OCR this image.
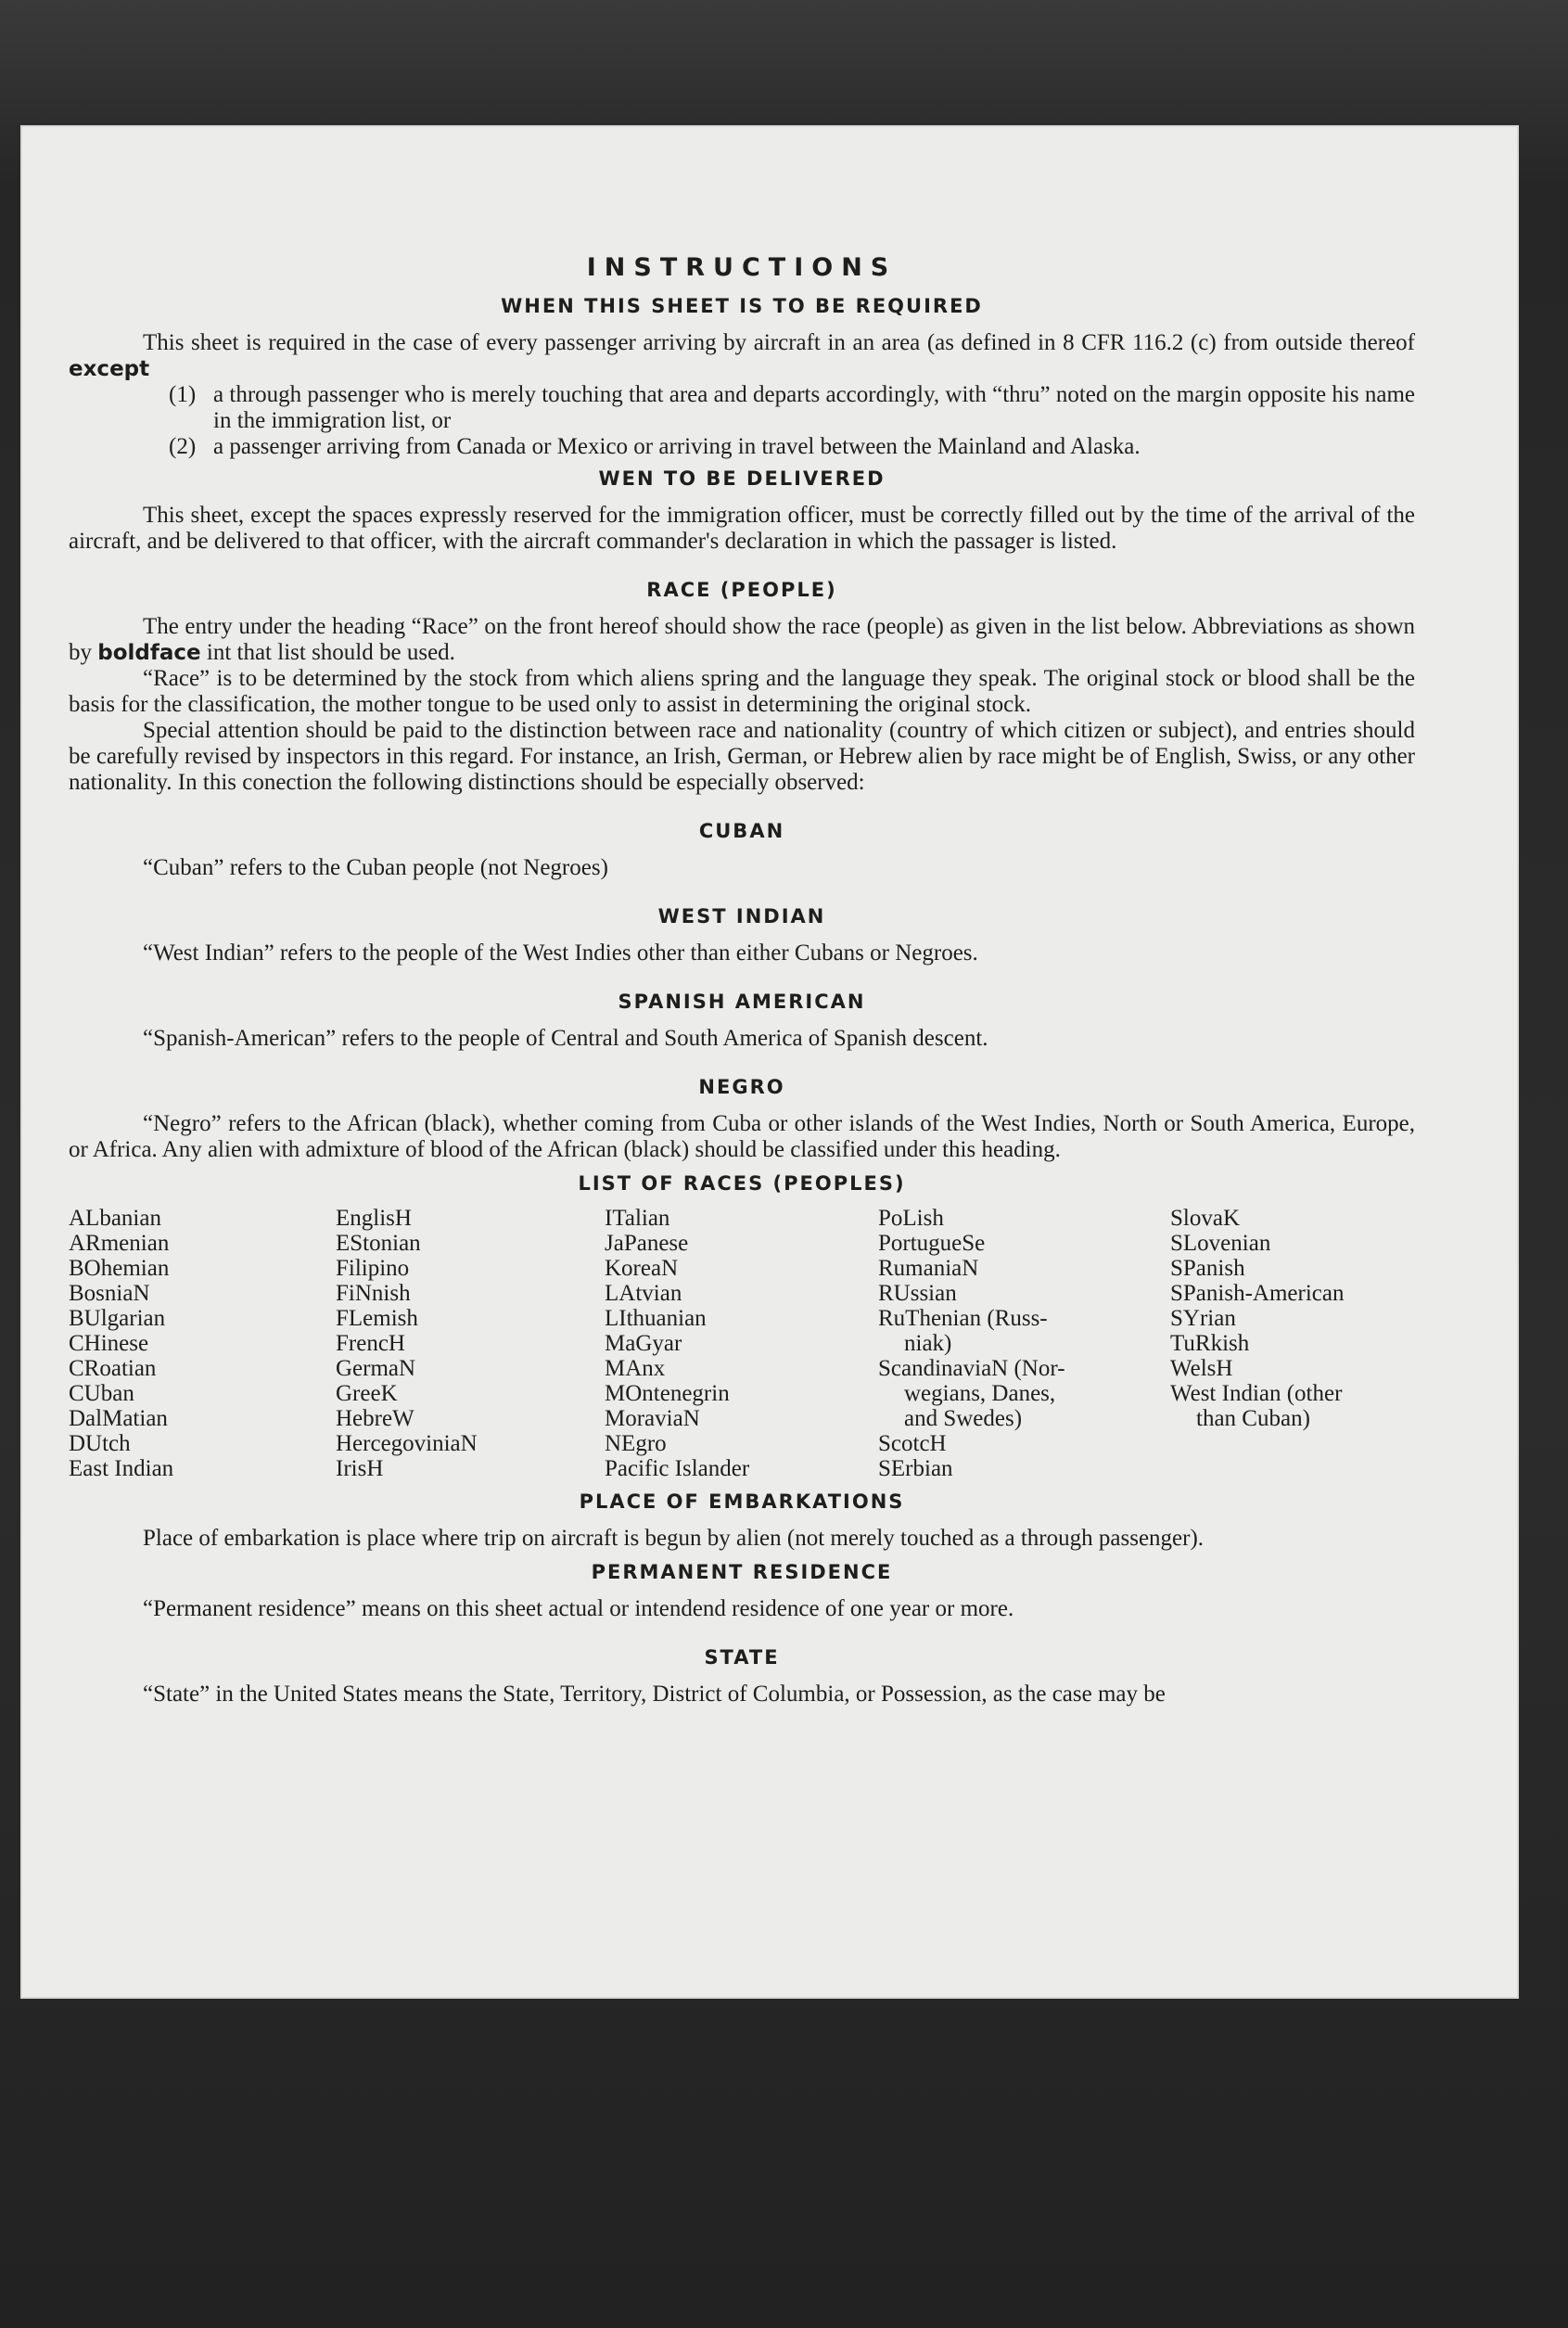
INSTRUCTIONS
WHEN THIS SHEET IS TO BE REQUIRED

This sheet is required in the case of every passenger arriving by aircraft in an area (as defined in 8 CFR 116.2 (c) from outside thereof except

(1) a through passenger who is merely touching that area and departs accordingly, with “thru” noted on the margin opposite his name in the immigration list, or
(2) a passenger arriving from Canada or Mexico or arriving in travel between the Mainland and Alaska.
WEN TO BE DELIVERED

This sheet, except the spaces expressly reserved for the immigration officer, must be correctly filled out by the time of the arrival of the aircraft, and be delivered to that officer, with the aircraft commander's declaration in which the passager is listed.

RACE (PEOPLE)

The entry under the heading “Race” on the front hereof should show the race (people) as given in the list below. Abbreviations as shown by boldface int that list should be used.

“Race” is to be determined by the stock from which aliens spring and the language they speak. The original stock or blood shall be the basis for the classification, the mother tongue to be used only to assist in determining the original stock.

Special attention should be paid to the distinction between race and nationality (country of which citizen or subject), and entries should be carefully revised by inspectors in this regard. For instance, an Irish, German, or Hebrew alien by race might be of English, Swiss, or any other nationality. In this conection the following distinctions should be especially observed:

CUBAN

“Cuban” refers to the Cuban people (not Negroes)

WEST INDIAN

“West Indian” refers to the people of the West Indies other than either Cubans or Negroes.

SPANISH AMERICAN

“Spanish-American” refers to the people of Central and South America of Spanish descent.

NEGRO

“Negro” refers to the African (black), whether coming from Cuba or other islands of the West Indies, North or South America, Europe, or Africa. Any alien with admixture of blood of the African (black) should be classified under this heading.

LIST OF RACES (PEOPLES)
ALbanian
ARmenian
BOhemian
BosniaN
BUlgarian
CHinese
CRoatian
CUban
DalMatian
DUtch
East Indian
EnglisH
EStonian
Filipino
FiNnish
FLemish
FrencH
GermaN
GreeK
HebreW
HercegoviniaN
IrisH
ITalian
JaPanese
KoreaN
LAtvian
LIthuanian
MaGyar
MAnx
MOntenegrin
MoraviaN
NEgro
Pacific Islander
PoLish
PortugueSe
RumaniaN
RUssian
RuThenian (Russ-
niak)
ScandinaviaN (Nor-
wegians, Danes,
and Swedes)
ScotcH
SErbian
SlovaK
SLovenian
SPanish
SPanish-American
SYrian
TuRkish
WelsH
West Indian (other
than Cuban)
PLACE OF EMBARKATIONS

Place of embarkation is place where trip on aircraft is begun by alien (not merely touched as a through passenger).

PERMANENT RESIDENCE

“Permanent residence” means on this sheet actual or intendend residence of one year or more.

STATE

“State” in the United States means the State, Territory, District of Columbia, or Possession, as the case may be
